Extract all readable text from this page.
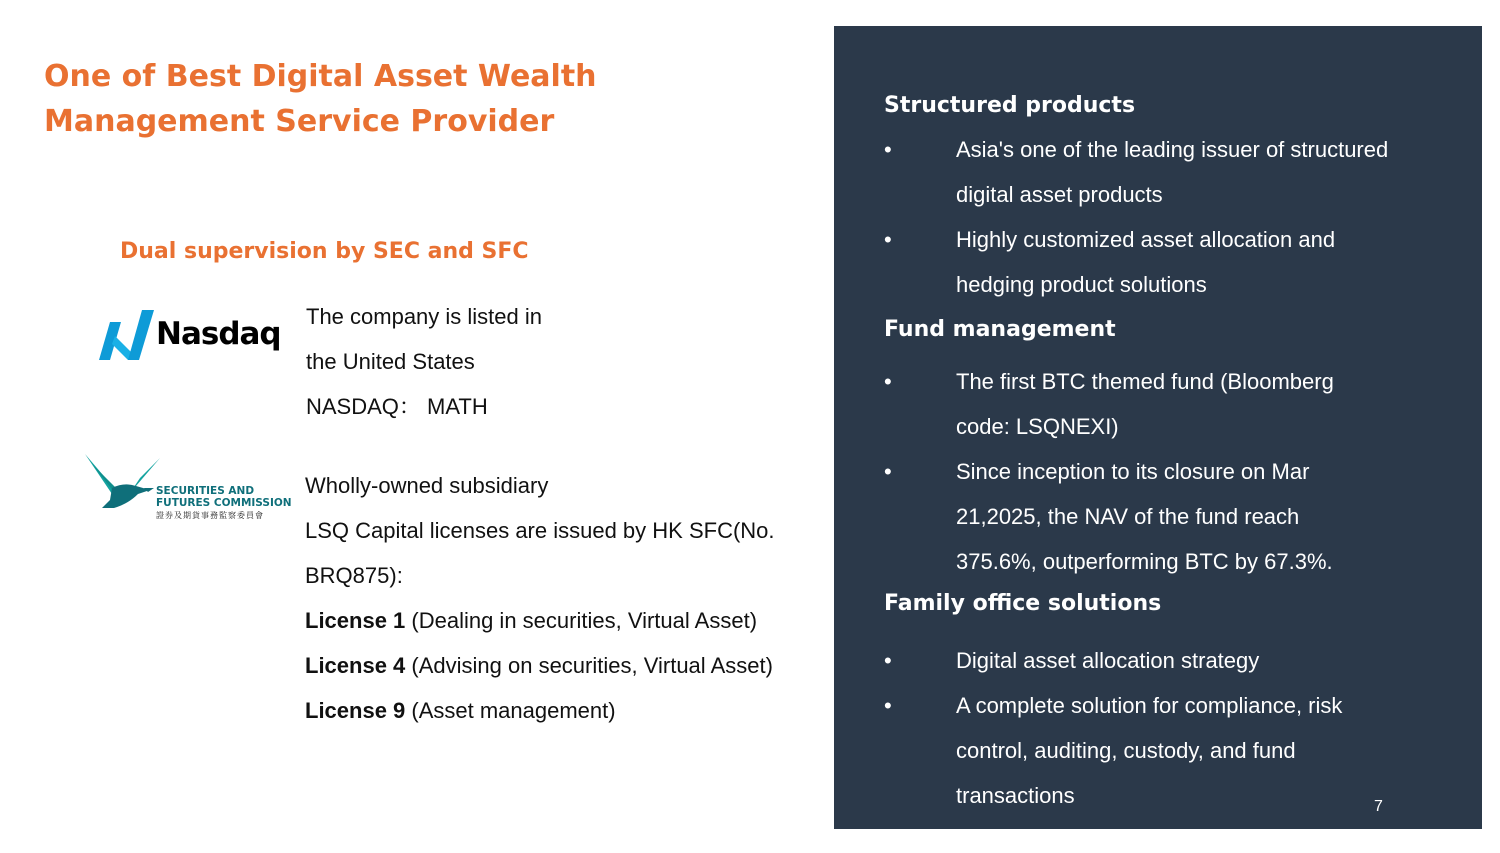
One of Best Digital Asset Wealth Management Service Provider
Dual supervision by SEC and SFC
Nasdaq The company is listed in
the United States
NASDAQ： MATH
SECURITIES AND
FUTURES COMMISSION
證券及期貨事務監察委員會
Wholly-owned subsidiary
LSQ Capital licenses are issued by HK SFC(No.
BRQ875):
License 1 (Dealing in securities, Virtual Asset)
License 4 (Advising on securities, Virtual Asset)
License 9 (Asset management)
Structured products
•	Asia's one of the leading issuer of structured
digital asset products
•	Highly customized asset allocation and
hedging product solutions
Fund management
•	The first BTC themed fund (Bloomberg
code: LSQNEXI)
•	Since inception to its closure on Mar
21,2025, the NAV of the fund reach
375.6%, outperforming BTC by 67.3%.
Family office solutions
•	Digital asset allocation strategy
•	A complete solution for compliance, risk
control, auditing, custody, and fund
transactions	7
